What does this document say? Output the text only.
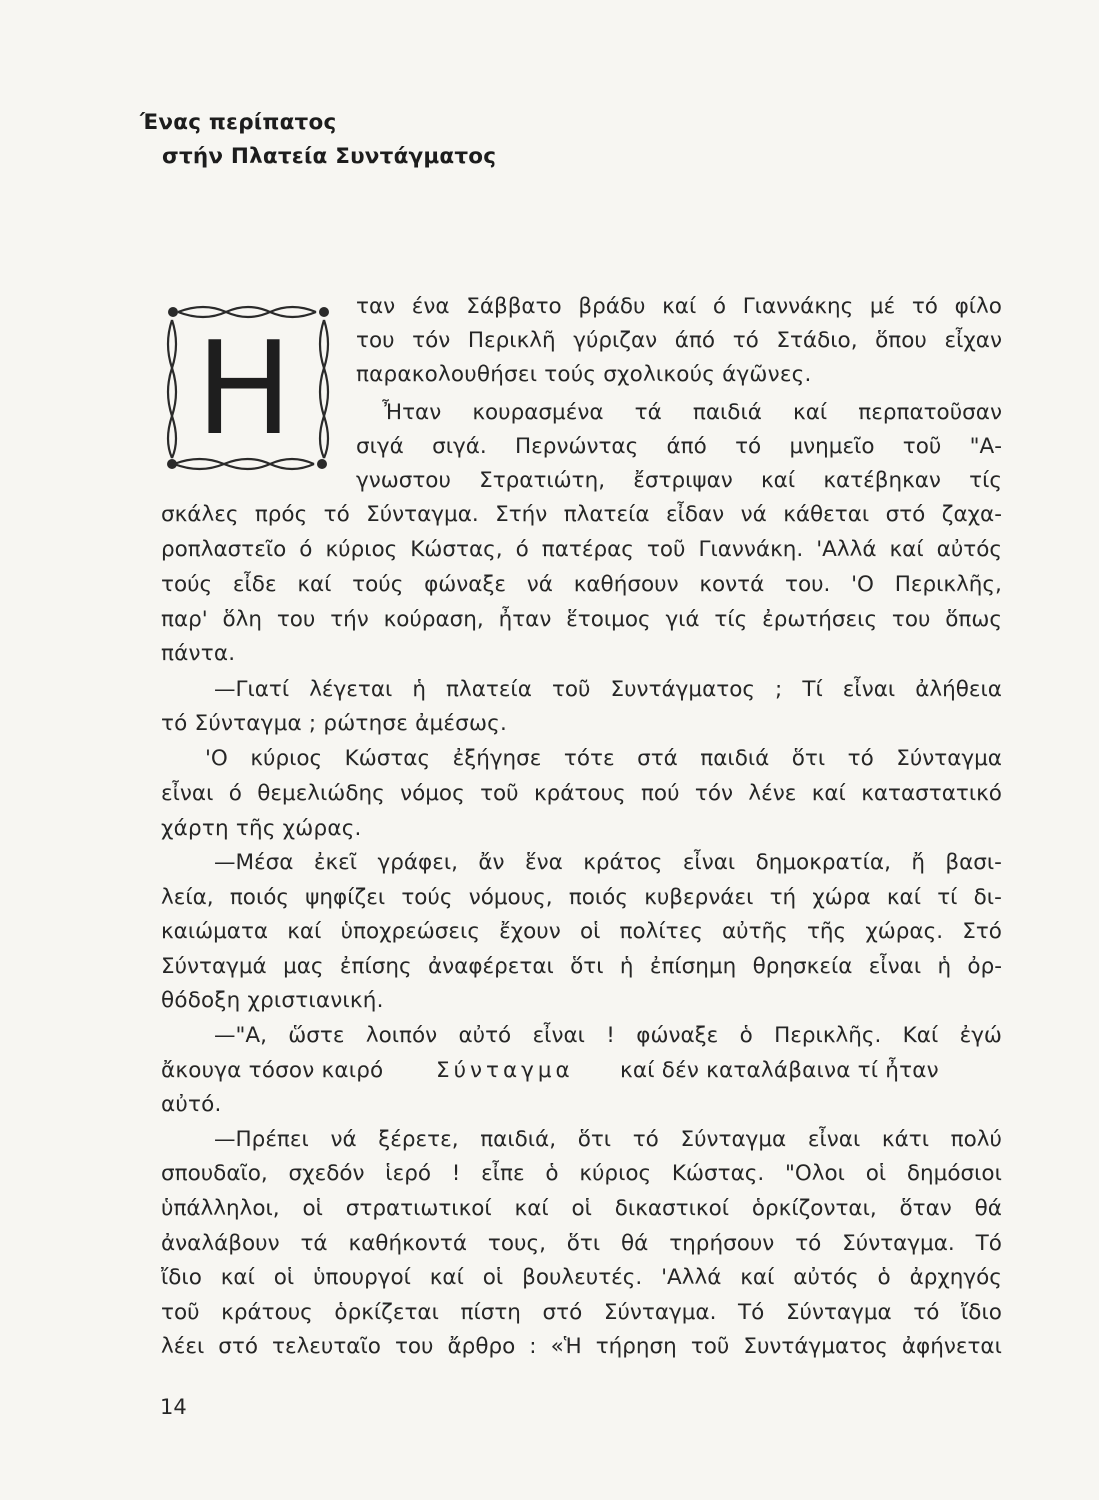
Ένας περίπατος
στήν Πλατεία Συντάγματος
Η
ταν ένα Σάββατο βράδυ καί ό Γιαννάκης μέ τό φίλο
του τόν Περικλῆ γύριζαν άπό τό Στάδιο, ὅπου εἶχαν
παρακολουθήσει τούς σχολικούς άγῶνες.
Ἦταν κουρασμένα τά παιδιά καί περπατοῦσαν
σιγά σιγά. Περνώντας άπό τό μνημεῖο τοῦ "Α-
γνωστου Στρατιώτη, ἔστριψαν καί κατέβηκαν τίς
σκάλες πρός τό Σύνταγμα. Στήν πλατεία εἶδαν νά κάθεται στό ζαχα-
ροπλαστεῖο ό κύριος Κώστας, ό πατέρας τοῦ Γιαννάκη. 'Αλλά καί αὐτός
τούς εἶδε καί τούς φώναξε νά καθήσουν κοντά του. 'Ο Περικλῆς,
παρ' ὅλη του τήν κούραση, ἦταν ἕτοιμος γιά τίς ἐρωτήσεις του ὅπως
πάντα.
—Γιατί λέγεται ἡ πλατεία τοῦ Συντάγματος ; Τί εἶναι ἀλήθεια
τό Σύνταγμα ; ρώτησε ἀμέσως.
'Ο κύριος Κώστας ἐξήγησε τότε στά παιδιά ὅτι τό Σύνταγμα
εἶναι ό θεμελιώδης νόμος τοῦ κράτους πού τόν λένε καί καταστατικό
χάρτη τῆς χώρας.
—Μέσα ἐκεῖ γράφει, ἄν ἕνα κράτος εἶναι δημοκρατία, ἤ βασι-
λεία, ποιός ψηφίζει τούς νόμους, ποιός κυβερνάει τή χώρα καί τί δι-
καιώματα καί ὑποχρεώσεις ἔχουν οἱ πολίτες αὐτῆς τῆς χώρας. Στό
Σύνταγμά μας ἐπίσης ἀναφέρεται ὅτι ἡ ἐπίσημη θρησκεία εἶναι ἡ ὀρ-
θόδοξη χριστιανική.
—"Α, ὥστε λοιπόν αὐτό εἶναι ! φώναξε ὁ Περικλῆς. Καί ἐγώ
ἄκουγα τόσον καιρό Σύνταγμα καί δέν καταλάβαινα τί ἦταν
αὐτό.
—Πρέπει νά ξέρετε, παιδιά, ὅτι τό Σύνταγμα εἶναι κάτι πολύ
σπουδαῖο, σχεδόν ἱερό ! εἶπε ὁ κύριος Κώστας. "Ολοι οἱ δημόσιοι
ὑπάλληλοι, οἱ στρατιωτικοί καί οἱ δικαστικοί ὁρκίζονται, ὅταν θά
ἀναλάβουν τά καθήκοντά τους, ὅτι θά τηρήσουν τό Σύνταγμα. Τό
ἴδιο καί οἱ ὑπουργοί καί οἱ βουλευτές. 'Αλλά καί αὐτός ὁ ἀρχηγός
τοῦ κράτους ὁρκίζεται πίστη στό Σύνταγμα. Τό Σύνταγμα τό ἴδιο
λέει στό τελευταῖο του ἄρθρο : «Ἡ τήρηση τοῦ Συντάγματος ἀφήνεται
14
